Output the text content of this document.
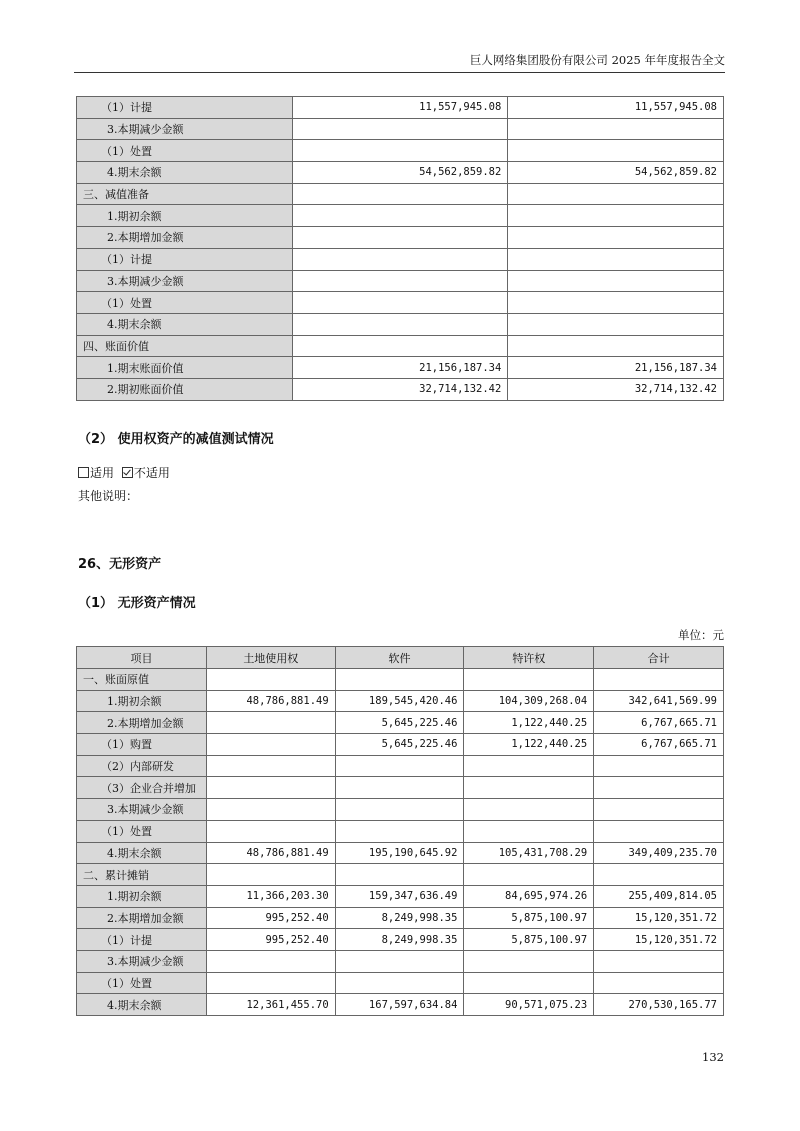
巨人网络集团股份有限公司 2025 年年度报告全文
（1）计提	11,557,945.08	11,557,945.08
3.本期减少金额		
（1）处置		
4.期末余额	54,562,859.82	54,562,859.82
三、减值准备		
1.期初余额		
2.本期增加金额		
（1）计提		
3.本期减少金额		
（1）处置		
4.期末余额		
四、账面价值		
1.期末账面价值	21,156,187.34	21,156,187.34
2.期初账面价值	32,714,132.42	32,714,132.42
（2） 使用权资产的减值测试情况
适用 不适用
其他说明：
26、无形资产
（1） 无形资产情况
单位：元
项目	土地使用权	软件	特许权	合计
一、账面原值				
1.期初余额	48,786,881.49	189,545,420.46	104,309,268.04	342,641,569.99
2.本期增加金额		5,645,225.46	1,122,440.25	6,767,665.71
（1）购置		5,645,225.46	1,122,440.25	6,767,665.71
（2）内部研发				
（3）企业合并增加				
3.本期减少金额				
（1）处置				
4.期末余额	48,786,881.49	195,190,645.92	105,431,708.29	349,409,235.70
二、累计摊销				
1.期初余额	11,366,203.30	159,347,636.49	84,695,974.26	255,409,814.05
2.本期增加金额	995,252.40	8,249,998.35	5,875,100.97	15,120,351.72
（1）计提	995,252.40	8,249,998.35	5,875,100.97	15,120,351.72
3.本期减少金额				
（1）处置				
4.期末余额	12,361,455.70	167,597,634.84	90,571,075.23	270,530,165.77
132
